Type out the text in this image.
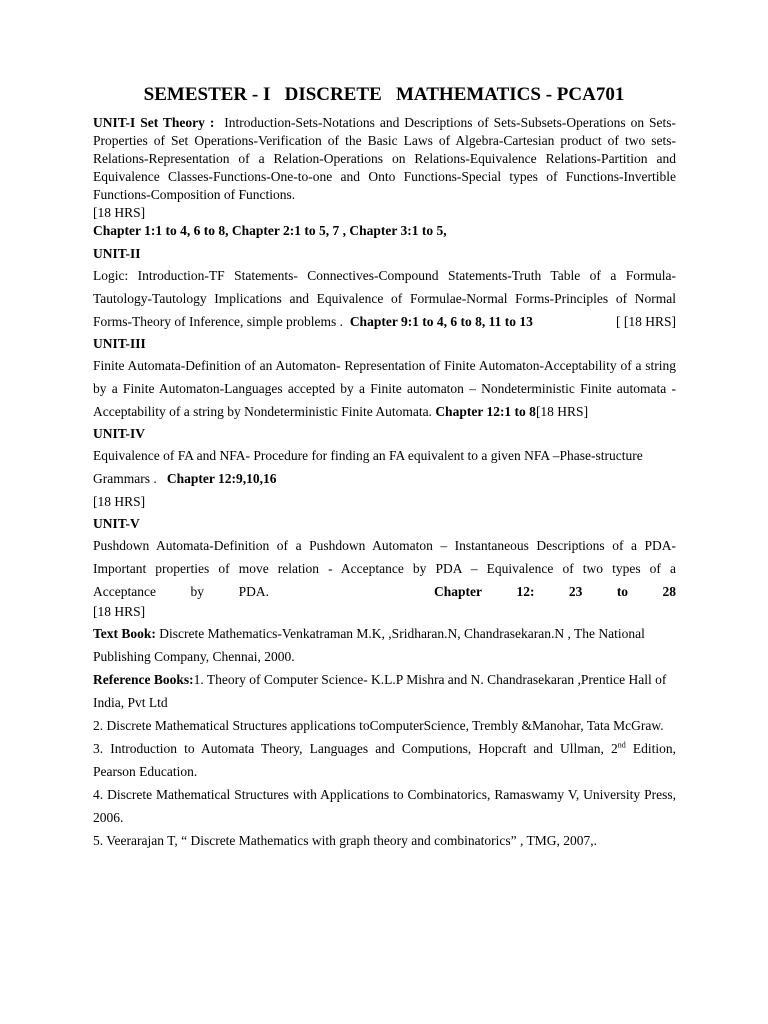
SEMESTER - I   DISCRETE   MATHEMATICS - PCA701

UNIT-I Set Theory : Introduction-Sets-Notations and Descriptions of Sets-Subsets-Operations on Sets-Properties of Set Operations-Verification of the Basic Laws of Algebra-Cartesian product of two sets-Relations-Representation of a Relation-Operations on Relations-Equivalence Relations-Partition and Equivalence Classes-Functions-One-to-one and Onto Functions-Special types of Functions-Invertible Functions-Composition of Functions.

[18 HRS]

Chapter 1:1 to 4, 6 to 8, Chapter 2:1 to 5, 7 , Chapter 3:1 to 5,

UNIT-II

Logic: Introduction-TF Statements- Connectives-Compound Statements-Truth Table of a Formula-Tautology-Tautology Implications and Equivalence of Formulae-Normal Forms-Principles of Normal Forms-Theory of Inference, simple problems . Chapter 9:1 to 4, 6 to 8, 11 to 13	[ [18 HRS]

UNIT-III

Finite Automata-Definition of an Automaton- Representation of Finite Automaton-Acceptability of a string by a Finite Automaton-Languages accepted by a Finite automaton – Nondeterministic Finite automata - Acceptability of a string by Nondeterministic Finite Automata. Chapter 12:1 to 8[18 HRS]

UNIT-IV

Equivalence of FA and NFA- Procedure for finding an FA equivalent to a given NFA –Phase-structure Grammars . Chapter 12:9,10,16

[18 HRS]

UNIT-V

Pushdown Automata-Definition of a Pushdown Automaton – Instantaneous Descriptions of a PDA-Important properties of move relation - Acceptance by PDA – Equivalence of two types of a

Acceptance	by	PDA.	Chapter	12:	23	to	28

[18 HRS]

Text Book: Discrete Mathematics-Venkatraman M.K, ,Sridharan.N, Chandrasekaran.N , The National Publishing Company, Chennai, 2000.

Reference Books:1. Theory of Computer Science- K.L.P Mishra and N. Chandrasekaran ,Prentice Hall of India, Pvt Ltd

2. Discrete Mathematical Structures applications toComputerScience, Trembly &Manohar, Tata McGraw.

3. Introduction to Automata Theory, Languages and Computions, Hopcraft and Ullman, 2nd Edition, Pearson Education.

4. Discrete Mathematical Structures with Applications to Combinatorics, Ramaswamy V, University Press, 2006.

5. Veerarajan T, “ Discrete Mathematics with graph theory and combinatorics” , TMG, 2007,.
